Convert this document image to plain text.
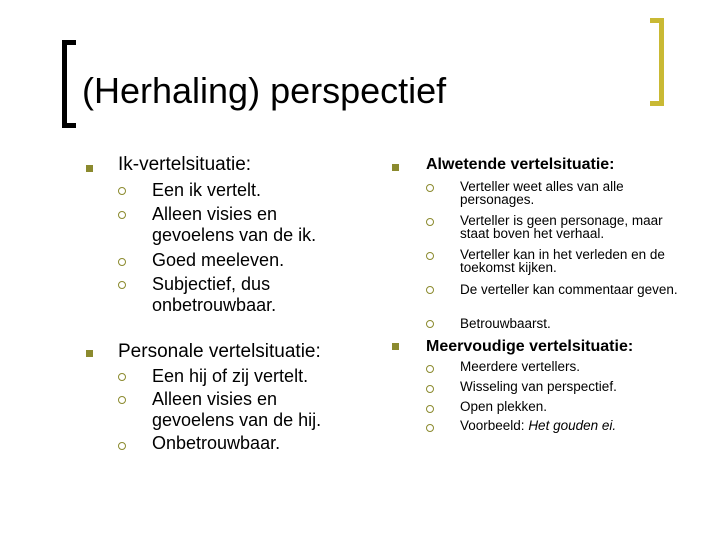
(Herhaling) perspectief
Ik-vertelsituatie:
Een ik vertelt.
Alleen visies en gevoelens van de ik.
Goed meeleven.
Subjectief, dus onbetrouwbaar.
Personale vertelsituatie:
Een hij of zij vertelt.
Alleen visies en gevoelens van de hij.
Onbetrouwbaar.
Alwetende vertelsituatie:
Verteller weet alles van alle personages.
Verteller is geen personage, maar staat boven het verhaal.
Verteller kan in het verleden en de toekomst kijken.
De verteller kan commentaar geven.
Betrouwbaarst.
Meervoudige vertelsituatie:
Meerdere vertellers.
Wisseling van perspectief.
Open plekken.
Voorbeeld: Het gouden ei.
